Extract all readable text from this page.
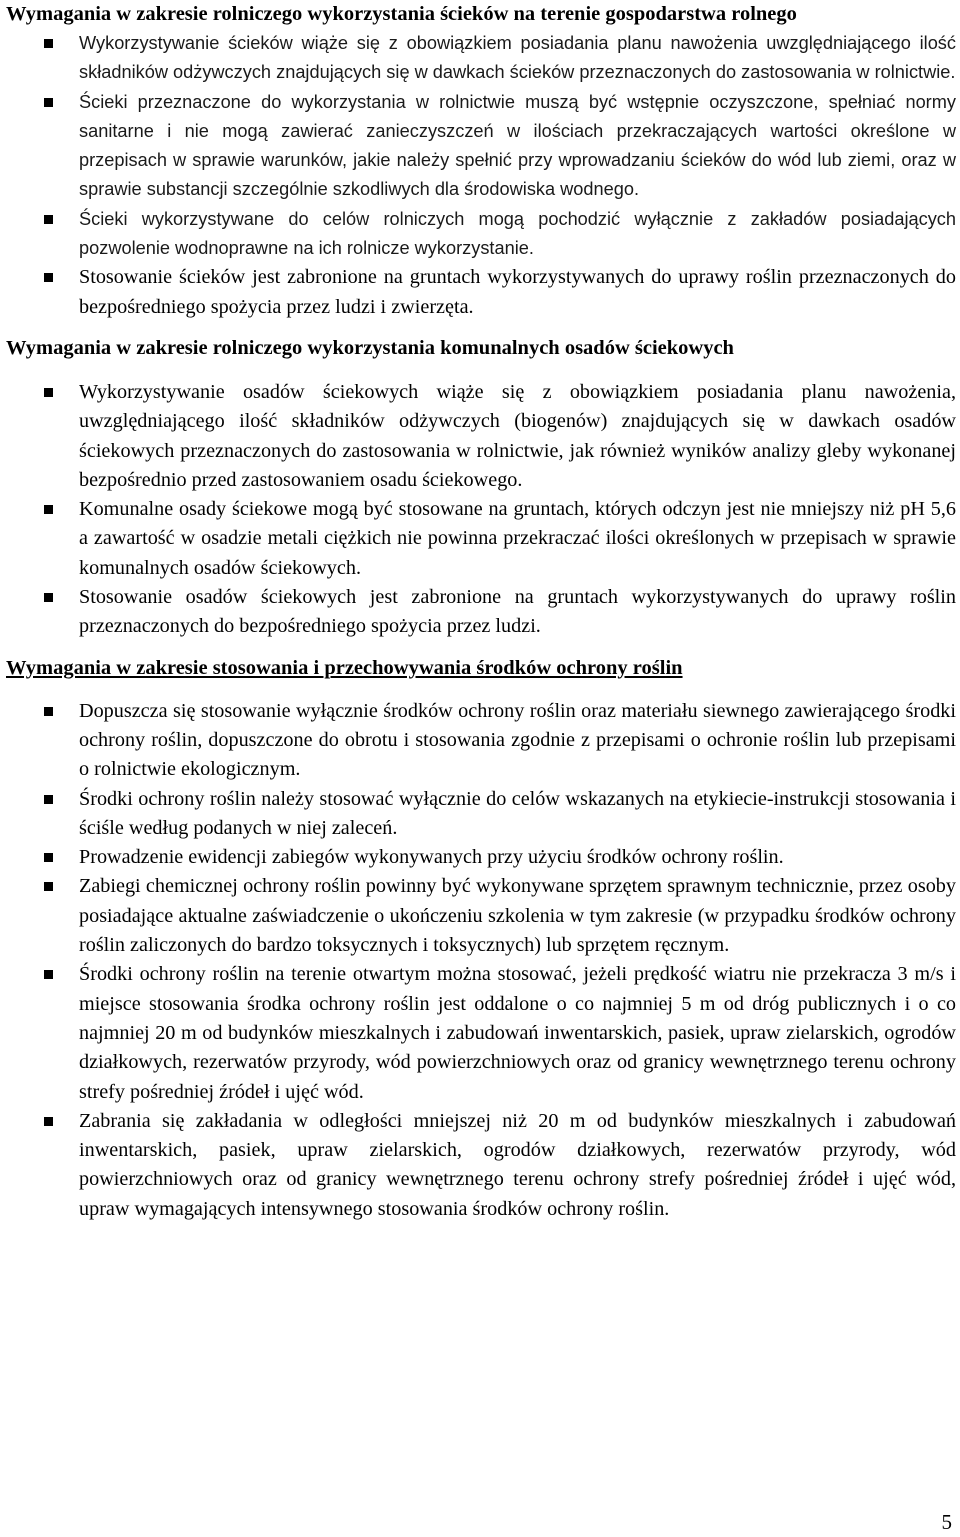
Wymagania w zakresie rolniczego wykorzystania ścieków na terenie gospodarstwa rolnego
Wykorzystywanie ścieków wiąże się z obowiązkiem posiadania planu nawożenia uwzględniającego ilość składników odżywczych znajdujących się w dawkach ścieków przeznaczonych do zastosowania w rolnictwie.
Ścieki przeznaczone do wykorzystania w rolnictwie muszą być wstępnie oczyszczone, spełniać normy sanitarne i nie mogą zawierać zanieczyszczeń w ilościach przekraczających wartości określone w przepisach w sprawie warunków, jakie należy spełnić przy wprowadzaniu ścieków do wód lub ziemi, oraz w sprawie substancji szczególnie szkodliwych dla środowiska wodnego.
Ścieki wykorzystywane do celów rolniczych mogą pochodzić wyłącznie z zakładów posiadających pozwolenie wodnoprawne na ich rolnicze wykorzystanie.
Stosowanie ścieków jest zabronione na gruntach wykorzystywanych do uprawy roślin przeznaczonych do bezpośredniego spożycia przez ludzi i zwierzęta.
Wymagania w zakresie rolniczego wykorzystania komunalnych osadów ściekowych
Wykorzystywanie osadów ściekowych wiąże się z obowiązkiem posiadania planu nawożenia, uwzględniającego ilość składników odżywczych (biogenów) znajdujących się w dawkach osadów ściekowych przeznaczonych do zastosowania w rolnictwie, jak również wyników analizy gleby wykonanej bezpośrednio przed zastosowaniem osadu ściekowego.
Komunalne osady ściekowe mogą być stosowane na gruntach, których odczyn jest nie mniejszy niż pH 5,6 a zawartość w osadzie metali ciężkich nie powinna przekraczać ilości określonych w przepisach w sprawie komunalnych osadów ściekowych.
Stosowanie osadów ściekowych jest zabronione na gruntach wykorzystywanych do uprawy roślin przeznaczonych do bezpośredniego spożycia przez ludzi.
Wymagania w zakresie stosowania i przechowywania środków ochrony roślin
Dopuszcza się stosowanie wyłącznie środków ochrony roślin oraz materiału siewnego zawierającego środki ochrony roślin, dopuszczone do obrotu i stosowania zgodnie z przepisami o ochronie roślin lub przepisami o rolnictwie ekologicznym.
Środki ochrony roślin należy stosować wyłącznie do celów wskazanych na etykiecie-instrukcji stosowania i ściśle według podanych w niej zaleceń.
Prowadzenie ewidencji zabiegów wykonywanych przy użyciu środków ochrony roślin.
Zabiegi chemicznej ochrony roślin powinny być wykonywane sprzętem sprawnym technicznie, przez osoby posiadające aktualne zaświadczenie o ukończeniu szkolenia w tym zakresie (w przypadku środków ochrony roślin zaliczonych do bardzo toksycznych i toksycznych) lub sprzętem ręcznym.
Środki ochrony roślin na terenie otwartym można stosować, jeżeli prędkość wiatru nie przekracza 3 m/s i miejsce stosowania środka ochrony roślin jest oddalone o co najmniej 5 m od dróg publicznych i o co najmniej 20 m od budynków mieszkalnych i zabudowań inwentarskich, pasiek, upraw zielarskich, ogrodów działkowych, rezerwatów przyrody, wód powierzchniowych oraz od granicy wewnętrznego terenu ochrony strefy pośredniej źródeł i ujęć wód.
Zabrania się zakładania w odległości mniejszej niż 20 m od budynków mieszkalnych i zabudowań inwentarskich, pasiek, upraw zielarskich, ogrodów działkowych, rezerwatów przyrody, wód powierzchniowych oraz od granicy wewnętrznego terenu ochrony strefy pośredniej źródeł i ujęć wód, upraw wymagających intensywnego stosowania środków ochrony roślin.
5
